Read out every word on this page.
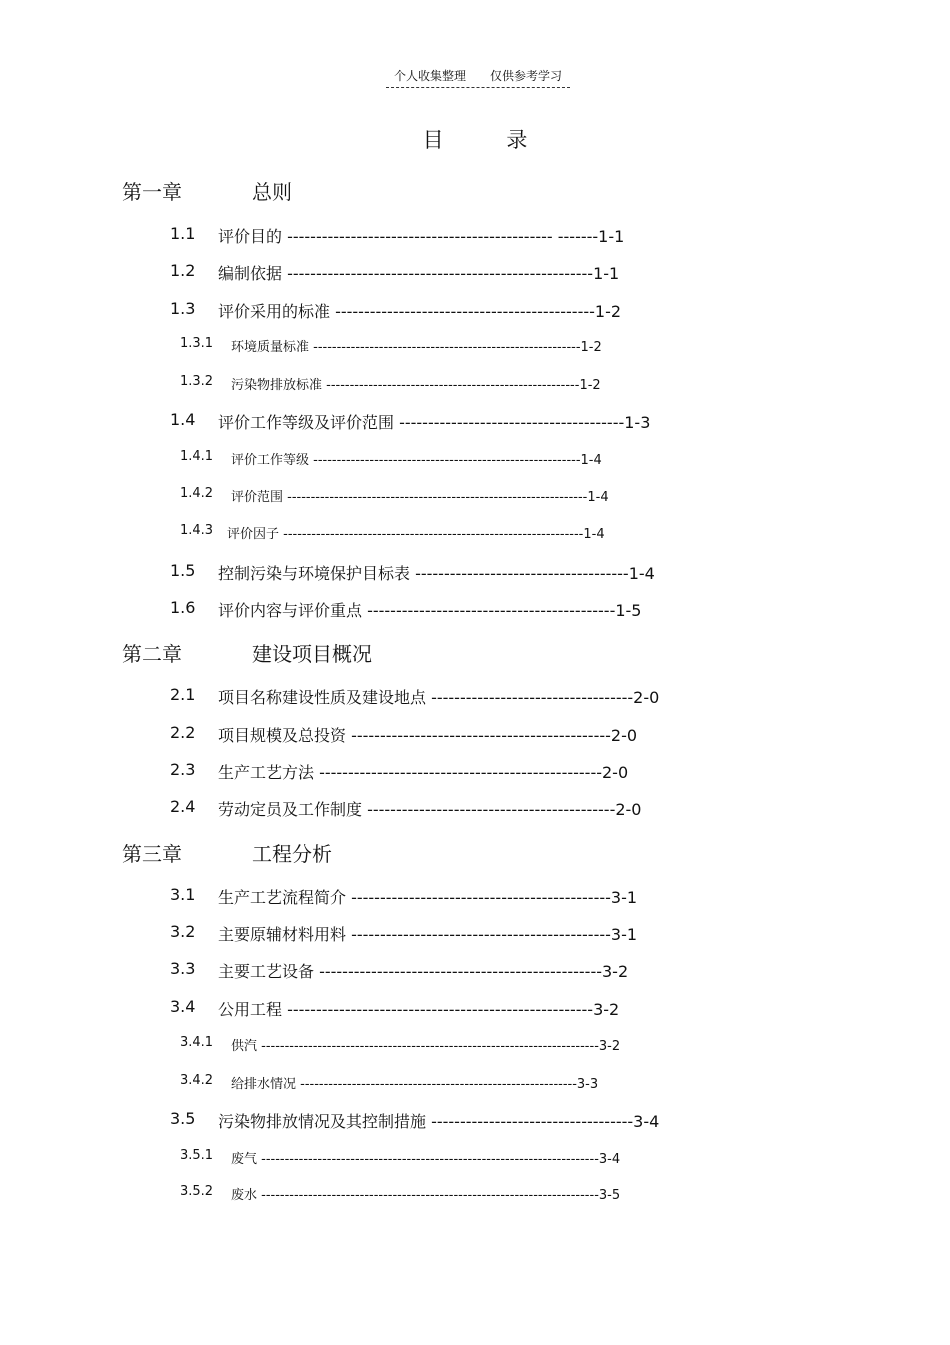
个人收集整理　　仅供参考学习
目 录
第一章	总则
1.1 评价目的 ---------------------------------------------- -------1-1
1.2 编制依据 -----------------------------------------------------1-1
1.3 评价采用的标准 ---------------------------------------------1-2
1.3.1 环境质量标准 ---------------------------------------------------------1-2
1.3.2 污染物排放标准 ------------------------------------------------------1-2
1.4 评价工作等级及评价范围 ---------------------------------------1-3
1.4.1 评价工作等级 ---------------------------------------------------------1-4
1.4.2 评价范围 ----------------------------------------------------------------1-4
1.4.3 评价因子 ----------------------------------------------------------------1-4
1.5 控制污染与环境保护目标表 -------------------------------------1-4
1.6 评价内容与评价重点 -------------------------------------------1-5
第二章	建设项目概况
2.1 项目名称建设性质及建设地点 -----------------------------------2-0
2.2 项目规模及总投资 ---------------------------------------------2-0
2.3 生产工艺方法 -------------------------------------------------2-0
2.4 劳动定员及工作制度 -------------------------------------------2-0
第三章	工程分析
3.1 生产工艺流程简介 ---------------------------------------------3-1
3.2 主要原辅材料用料 ---------------------------------------------3-1
3.3 主要工艺设备 -------------------------------------------------3-2
3.4 公用工程 -----------------------------------------------------3-2
3.4.1 供汽 ------------------------------------------------------------------------3-2
3.4.2 给排水情况 -----------------------------------------------------------3-3
3.5 污染物排放情况及其控制措施 -----------------------------------3-4
3.5.1 废气 ------------------------------------------------------------------------3-4
3.5.2 废水 ------------------------------------------------------------------------3-5
